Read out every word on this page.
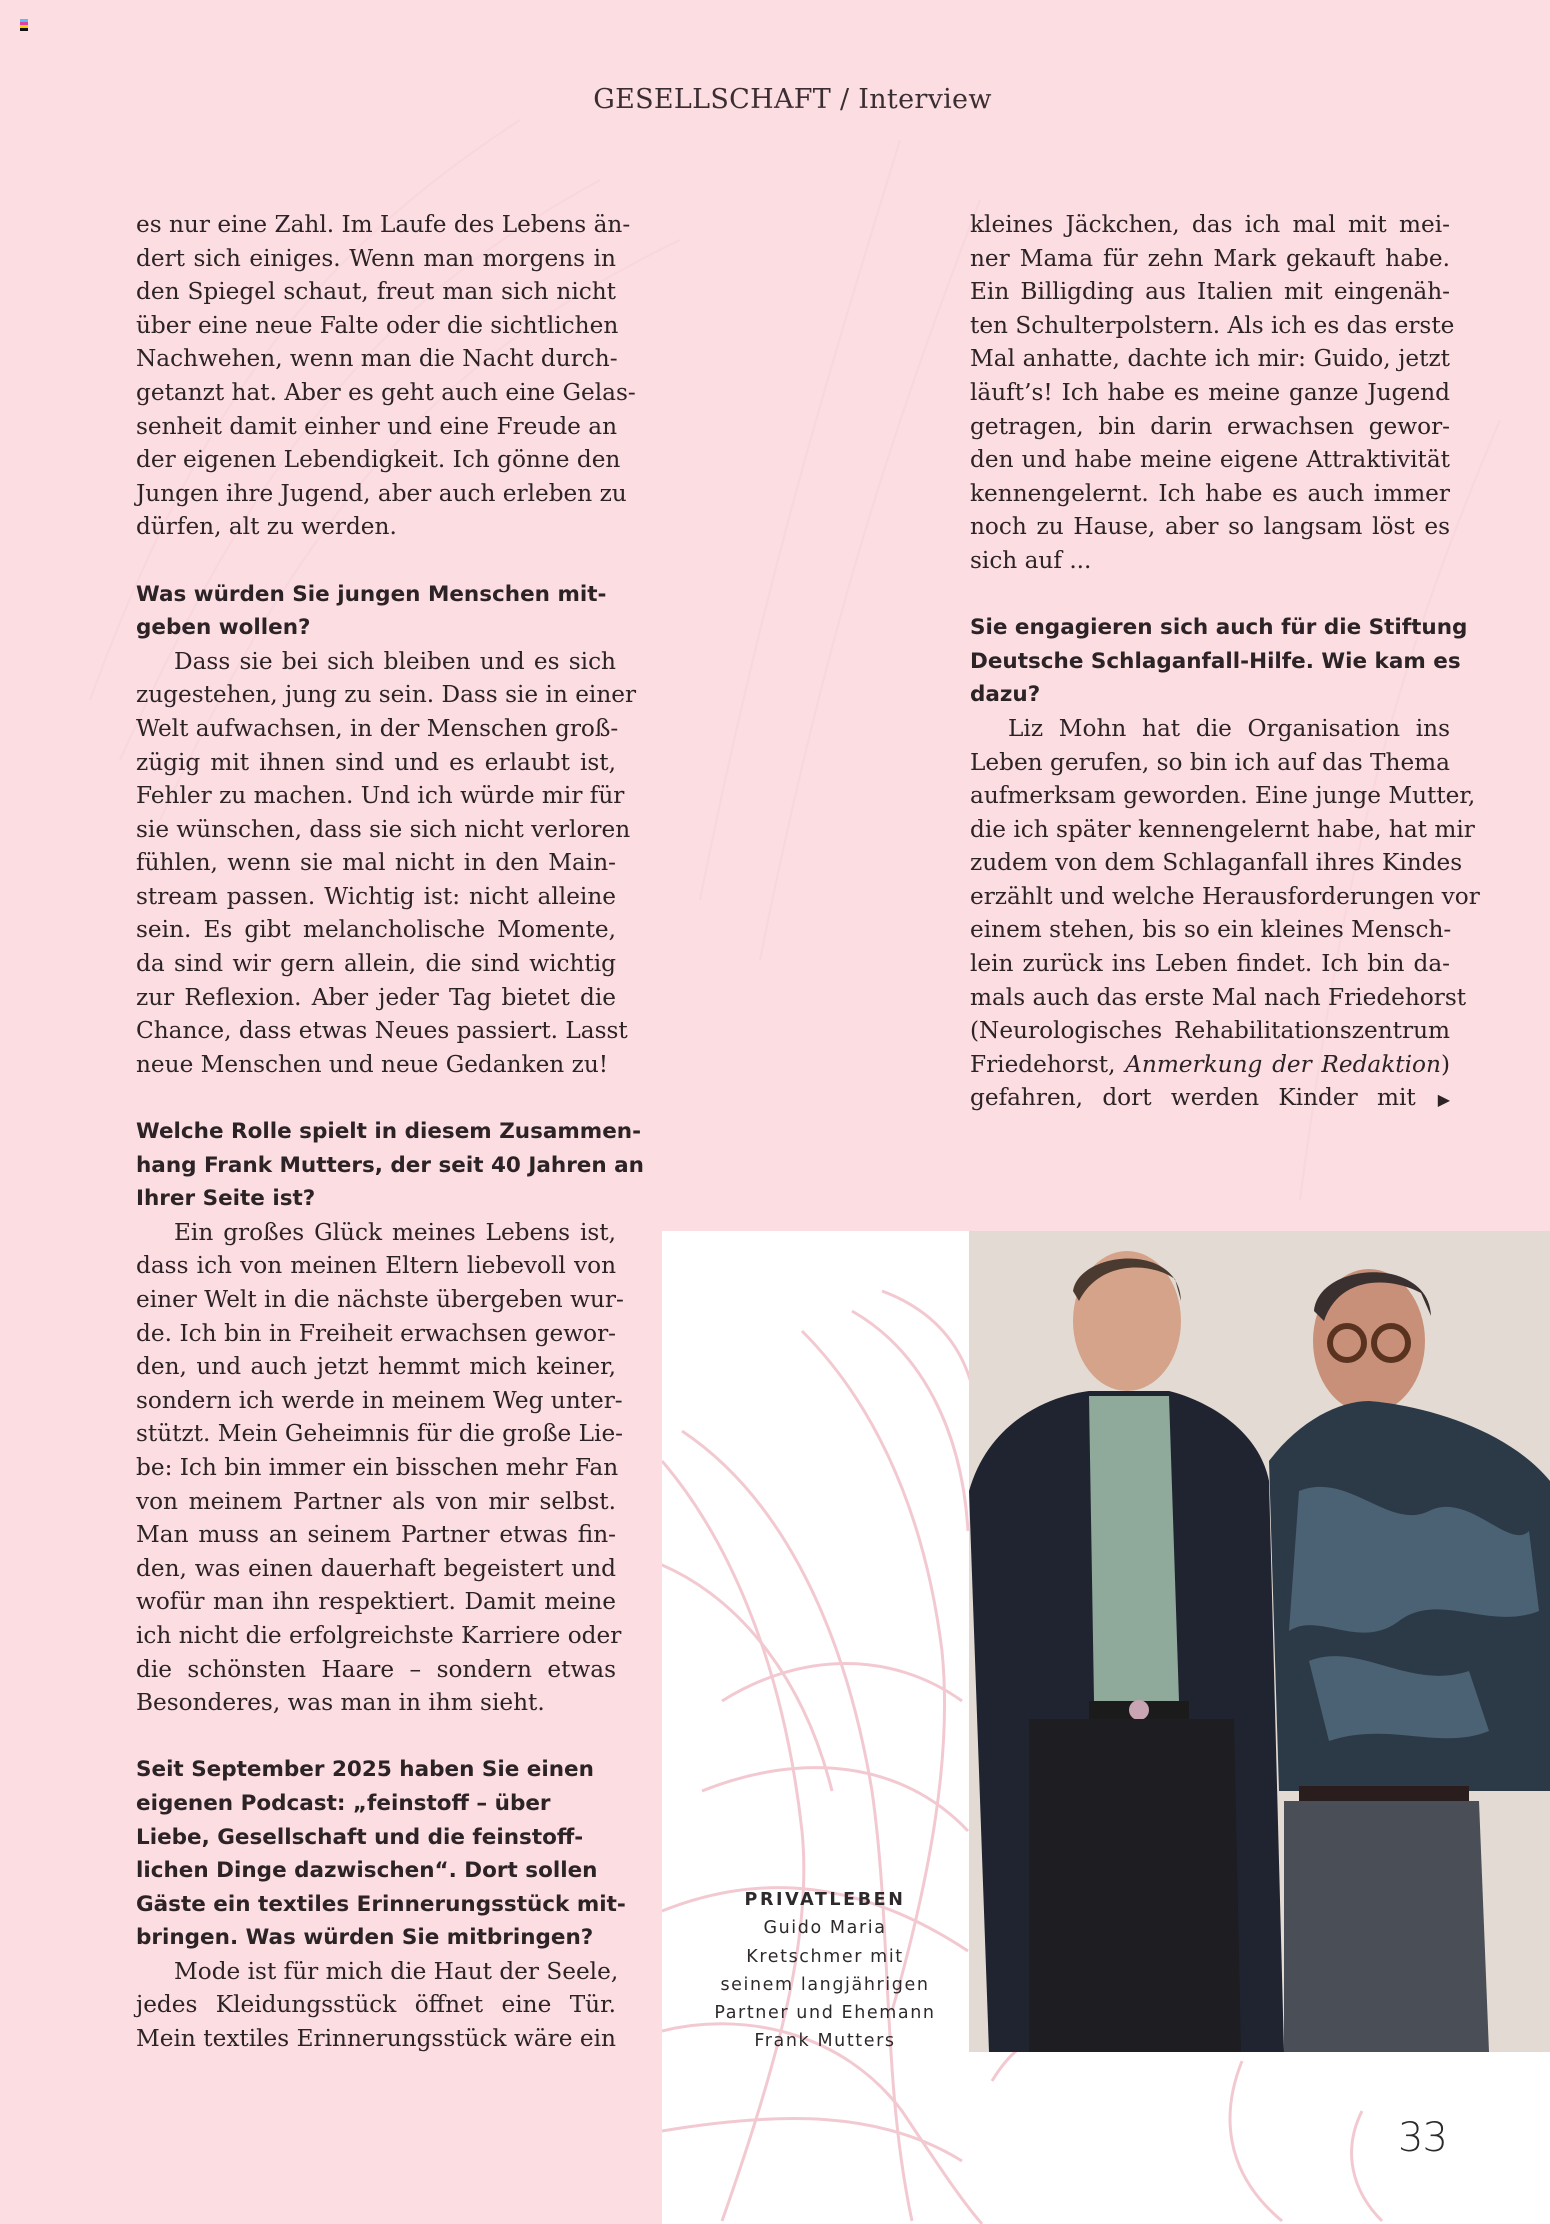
GESELLSCHAFT / Interview

es nur eine Zahl. Im Laufe des Lebens än-
dert sich einiges. Wenn man morgens in
den Spiegel schaut, freut man sich nicht
über eine neue Falte oder die sichtlichen
Nachwehen, wenn man die Nacht durch-
getanzt hat. Aber es geht auch eine Gelas-
senheit damit einher und eine Freude an
der eigenen Lebendigkeit. Ich gönne den
Jungen ihre Jugend, aber auch erleben zu
dürfen, alt zu werden.

Was würden Sie jungen Menschen mit-
geben wollen?

Dass sie bei sich bleiben und es sich
zugestehen, jung zu sein. Dass sie in einer
Welt aufwachsen, in der Menschen groß-
zügig mit ihnen sind und es erlaubt ist,
Fehler zu machen. Und ich würde mir für
sie wünschen, dass sie sich nicht verloren
fühlen, wenn sie mal nicht in den Main-
stream passen. Wichtig ist: nicht alleine
sein. Es gibt melancholische Momente,
da sind wir gern allein, die sind wichtig
zur Reflexion. Aber jeder Tag bietet die
Chance, dass etwas Neues passiert. Lasst
neue Menschen und neue Gedanken zu!

Welche Rolle spielt in diesem Zusammen-
hang Frank Mutters, der seit 40 Jahren an
Ihrer Seite ist?

Ein großes Glück meines Lebens ist,
dass ich von meinen Eltern liebevoll von
einer Welt in die nächste übergeben wur-
de. Ich bin in Freiheit erwachsen gewor-
den, und auch jetzt hemmt mich keiner,
sondern ich werde in meinem Weg unter-
stützt. Mein Geheimnis für die große Lie-
be: Ich bin immer ein bisschen mehr Fan
von meinem Partner als von mir selbst.
Man muss an seinem Partner etwas fin-
den, was einen dauerhaft begeistert und
wofür man ihn respektiert. Damit meine
ich nicht die erfolgreichste Karriere oder
die schönsten Haare – sondern etwas
Besonderes, was man in ihm sieht.

Seit September 2025 haben Sie einen
eigenen Podcast: „feinstoff – über
Liebe, Gesellschaft und die feinstoff-
lichen Dinge dazwischen“. Dort sollen
Gäste ein textiles Erinnerungsstück mit-
bringen. Was würden Sie mitbringen?

Mode ist für mich die Haut der Seele,
jedes Kleidungsstück öffnet eine Tür.
Mein textiles Erinnerungsstück wäre ein

kleines Jäckchen, das ich mal mit mei-
ner Mama für zehn Mark gekauft habe.
Ein Billigding aus Italien mit eingenäh-
ten Schulterpolstern. Als ich es das erste
Mal anhatte, dachte ich mir: Guido, jetzt
läuft’s! Ich habe es meine ganze Jugend
getragen, bin darin erwachsen gewor-
den und habe meine eigene Attraktivität
kennengelernt. Ich habe es auch immer
noch zu Hause, aber so langsam löst es
sich auf ...

Sie engagieren sich auch für die Stiftung
Deutsche Schlaganfall-Hilfe. Wie kam es
dazu?

Liz Mohn hat die Organisation ins
Leben gerufen, so bin ich auf das Thema
aufmerksam geworden. Eine junge Mutter,
die ich später kennengelernt habe, hat mir
zudem von dem Schlaganfall ihres Kindes
erzählt und welche Herausforderungen vor
einem stehen, bis so ein kleines Mensch-
lein zurück ins Leben findet. Ich bin da-
mals auch das erste Mal nach Friedehorst
(Neurologisches Rehabilitationszentrum
Friedehorst, Anmerkung der Redaktion)
gefahren, dort werden Kinder mit ▶

PRIVATLEBEN
Guido Maria
Kretschmer mit
seinem langjährigen
Partner und Ehemann
Frank Mutters
33
